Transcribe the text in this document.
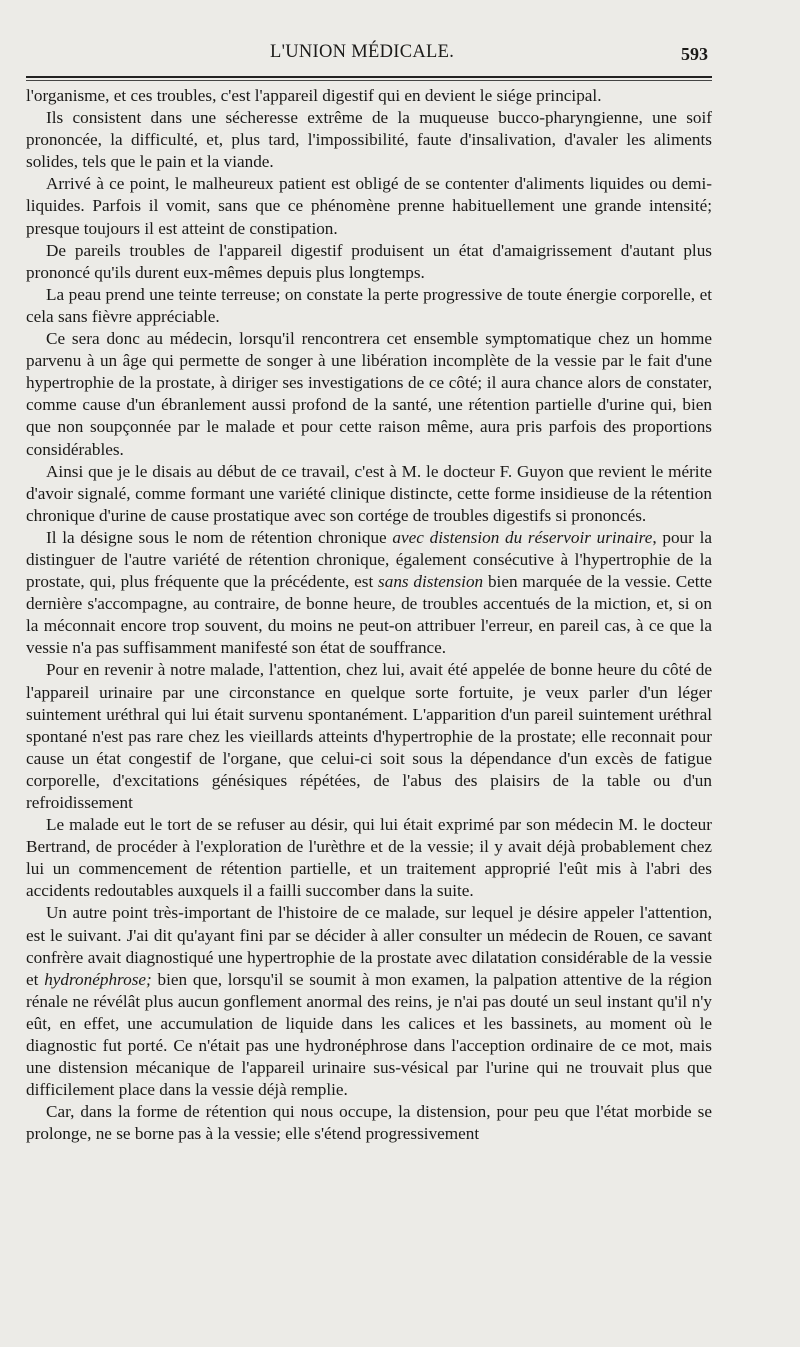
L'UNION MÉDICALE.	593

l'organisme, et ces troubles, c'est l'appareil digestif qui en devient le siége principal.

Ils consistent dans une sécheresse extrême de la muqueuse bucco-pharyngienne, une soif prononcée, la difficulté, et, plus tard, l'impossibilité, faute d'insalivation, d'avaler les aliments solides, tels que le pain et la viande.

Arrivé à ce point, le malheureux patient est obligé de se contenter d'aliments liquides ou demi-liquides. Parfois il vomit, sans que ce phénomène prenne habituellement une grande intensité; presque toujours il est atteint de constipation.

De pareils troubles de l'appareil digestif produisent un état d'amaigrissement d'autant plus prononcé qu'ils durent eux-mêmes depuis plus longtemps.

La peau prend une teinte terreuse; on constate la perte progressive de toute énergie corporelle, et cela sans fièvre appréciable.

Ce sera donc au médecin, lorsqu'il rencontrera cet ensemble symptomatique chez un homme parvenu à un âge qui permette de songer à une libération incomplète de la vessie par le fait d'une hypertrophie de la prostate, à diriger ses investigations de ce côté; il aura chance alors de constater, comme cause d'un ébranlement aussi profond de la santé, une rétention partielle d'urine qui, bien que non soupçonnée par le malade et pour cette raison même, aura pris parfois des proportions considérables.

Ainsi que je le disais au début de ce travail, c'est à M. le docteur F. Guyon que revient le mérite d'avoir signalé, comme formant une variété clinique distincte, cette forme insidieuse de la rétention chronique d'urine de cause prostatique avec son cortége de troubles digestifs si prononcés.

Il la désigne sous le nom de rétention chronique avec distension du réservoir urinaire, pour la distinguer de l'autre variété de rétention chronique, également consécutive à l'hypertrophie de la prostate, qui, plus fréquente que la précédente, est sans distension bien marquée de la vessie. Cette dernière s'accompagne, au contraire, de bonne heure, de troubles accentués de la miction, et, si on la méconnait encore trop souvent, du moins ne peut-on attribuer l'erreur, en pareil cas, à ce que la vessie n'a pas suffisamment manifesté son état de souffrance.

Pour en revenir à notre malade, l'attention, chez lui, avait été appelée de bonne heure du côté de l'appareil urinaire par une circonstance en quelque sorte fortuite, je veux parler d'un léger suintement uréthral qui lui était survenu spontanément. L'apparition d'un pareil suintement uréthral spontané n'est pas rare chez les vieillards atteints d'hypertrophie de la prostate; elle reconnait pour cause un état congestif de l'organe, que celui-ci soit sous la dépendance d'un excès de fatigue corporelle, d'excitations génésiques répétées, de l'abus des plaisirs de la table ou d'un refroidissement

Le malade eut le tort de se refuser au désir, qui lui était exprimé par son médecin M. le docteur Bertrand, de procéder à l'exploration de l'urèthre et de la vessie; il y avait déjà probablement chez lui un commencement de rétention partielle, et un traitement approprié l'eût mis à l'abri des accidents redoutables auxquels il a failli succomber dans la suite.

Un autre point très-important de l'histoire de ce malade, sur lequel je désire appeler l'attention, est le suivant. J'ai dit qu'ayant fini par se décider à aller consulter un médecin de Rouen, ce savant confrère avait diagnostiqué une hypertrophie de la prostate avec dilatation considérable de la vessie et hydronéphrose; bien que, lorsqu'il se soumit à mon examen, la palpation attentive de la région rénale ne révélât plus aucun gonflement anormal des reins, je n'ai pas douté un seul instant qu'il n'y eût, en effet, une accumulation de liquide dans les calices et les bassinets, au moment où le diagnostic fut porté. Ce n'était pas une hydronéphrose dans l'acception ordinaire de ce mot, mais une distension mécanique de l'appareil urinaire sus-vésical par l'urine qui ne trouvait plus que difficilement place dans la vessie déjà remplie.

Car, dans la forme de rétention qui nous occupe, la distension, pour peu que l'état morbide se prolonge, ne se borne pas à la vessie; elle s'étend progressivement
